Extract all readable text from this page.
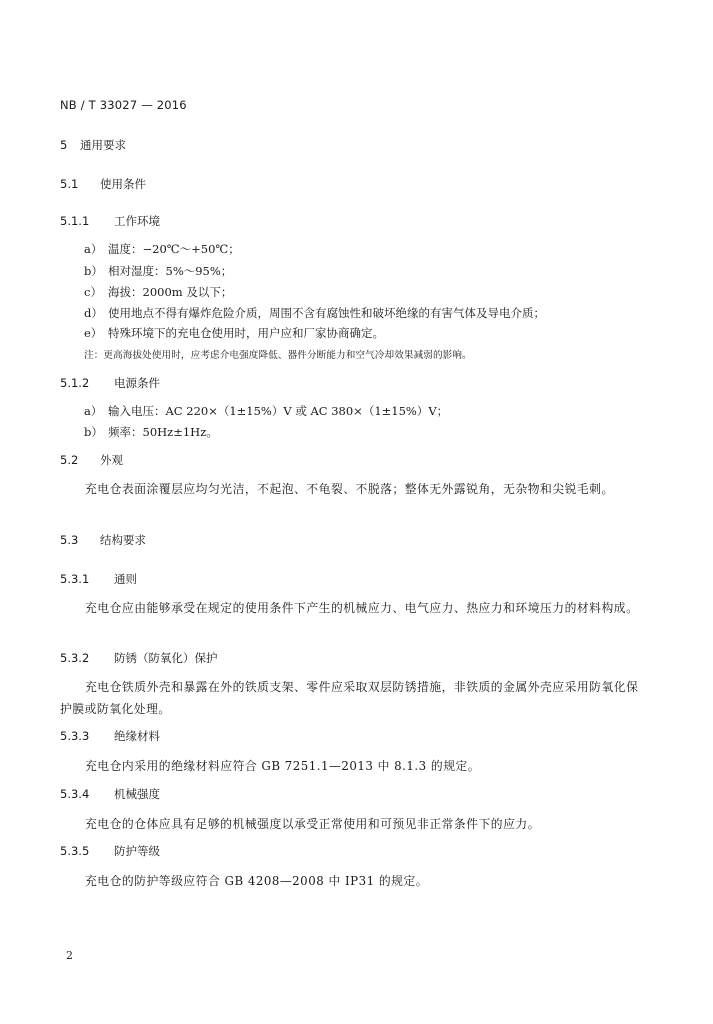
NB / T 33027 — 2016
5 通用要求
5.1 使用条件
5.1.1 工作环境
a） 温度：−20℃～+50℃；
b） 相对湿度：5%～95%；
c） 海拔：2000m 及以下；
d） 使用地点不得有爆炸危险介质，周围不含有腐蚀性和破坏绝缘的有害气体及导电介质；
e） 特殊环境下的充电仓使用时，用户应和厂家协商确定。
注：更高海拔处使用时，应考虑介电强度降低、器件分断能力和空气冷却效果减弱的影响。
5.1.2 电源条件
a） 输入电压：AC 220×（1±15%）V 或 AC 380×（1±15%）V；
b） 频率：50Hz±1Hz。
5.2 外观
充电仓表面涂覆层应均匀光洁，不起泡、不龟裂、不脱落；整体无外露锐角，无杂物和尖锐毛刺。
5.3 结构要求
5.3.1 通则
充电仓应由能够承受在规定的使用条件下产生的机械应力、电气应力、热应力和环境压力的材料构成。
5.3.2 防锈（防氧化）保护
充电仓铁质外壳和暴露在外的铁质支架、零件应采取双层防锈措施，非铁质的金属外壳应采用防氧化保护膜或防氧化处理。
5.3.3 绝缘材料
充电仓内采用的绝缘材料应符合 GB 7251.1—2013 中 8.1.3 的规定。
5.3.4 机械强度
充电仓的仓体应具有足够的机械强度以承受正常使用和可预见非正常条件下的应力。
5.3.5 防护等级
充电仓的防护等级应符合 GB 4208—2008 中 IP31 的规定。
2
